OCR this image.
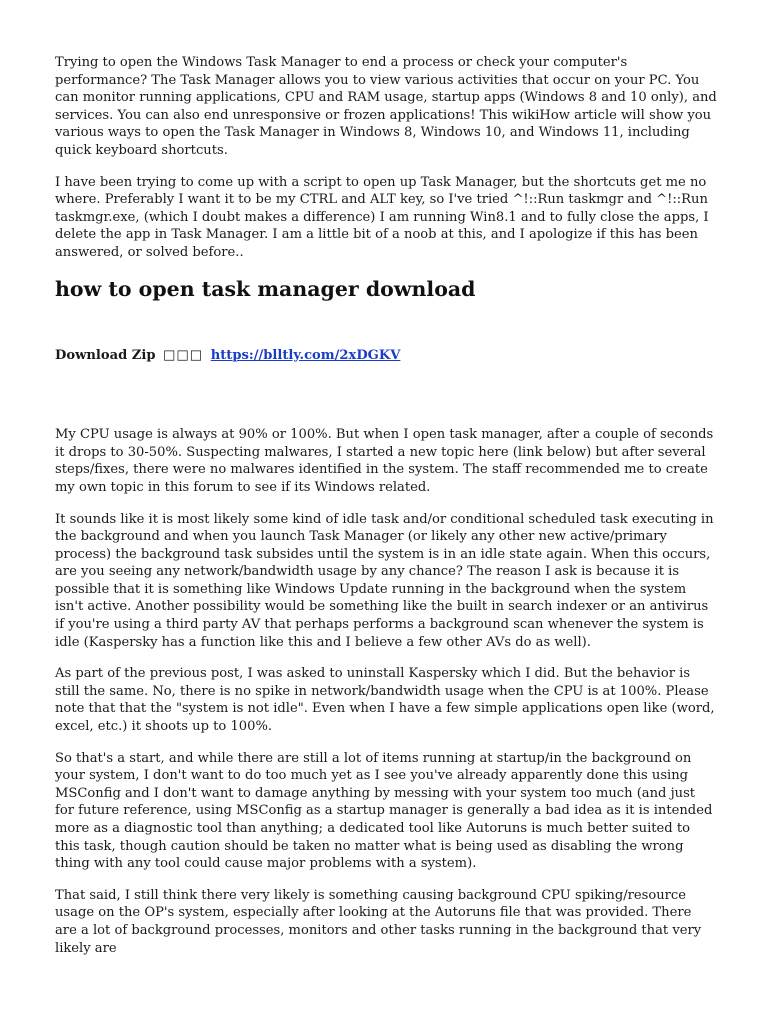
Trying to open the Windows Task Manager to end a process or check your computer's performance? The Task Manager allows you to view various activities that occur on your PC. You can monitor running applications, CPU and RAM usage, startup apps (Windows 8 and 10 only), and services. You can also end unresponsive or frozen applications! This wikiHow article will show you various ways to open the Task Manager in Windows 8, Windows 10, and Windows 11, including quick keyboard shortcuts.

I have been trying to come up with a script to open up Task Manager, but the shortcuts get me no where. Preferably I want it to be my CTRL and ALT key, so I've tried ^!::Run taskmgr and ^!::Run taskmgr.exe, (which I doubt makes a difference) I am running Win8.1 and to fully close the apps, I delete the app in Task Manager. I am a little bit of a noob at this, and I apologize if this has been answered, or solved before..

how to open task manager download
Download Zip □□□ https://blltly.com/2xDGKV

My CPU usage is always at 90% or 100%. But when I open task manager, after a couple of seconds it drops to 30-50%. Suspecting malwares, I started a new topic here (link below) but after several steps/fixes, there were no malwares identified in the system. The staff recommended me to create my own topic in this forum to see if its Windows related.

It sounds like it is most likely some kind of idle task and/or conditional scheduled task executing in the background and when you launch Task Manager (or likely any other new active/primary process) the background task subsides until the system is in an idle state again. When this occurs, are you seeing any network/bandwidth usage by any chance? The reason I ask is because it is possible that it is something like Windows Update running in the background when the system isn't active. Another possibility would be something like the built in search indexer or an antivirus if you're using a third party AV that perhaps performs a background scan whenever the system is idle (Kaspersky has a function like this and I believe a few other AVs do as well).

As part of the previous post, I was asked to uninstall Kaspersky which I did. But the behavior is still the same. No, there is no spike in network/bandwidth usage when the CPU is at 100%. Please note that that the "system is not idle". Even when I have a few simple applications open like (word, excel, etc.) it shoots up to 100%.

So that's a start, and while there are still a lot of items running at startup/in the background on your system, I don't want to do too much yet as I see you've already apparently done this using MSConfig and I don't want to damage anything by messing with your system too much (and just for future reference, using MSConfig as a startup manager is generally a bad idea as it is intended more as a diagnostic tool than anything; a dedicated tool like Autoruns is much better suited to this task, though caution should be taken no matter what is being used as disabling the wrong thing with any tool could cause major problems with a system).

That said, I still think there very likely is something causing background CPU spiking/resource usage on the OP's system, especially after looking at the Autoruns file that was provided. There are a lot of background processes, monitors and other tasks running in the background that very likely are
